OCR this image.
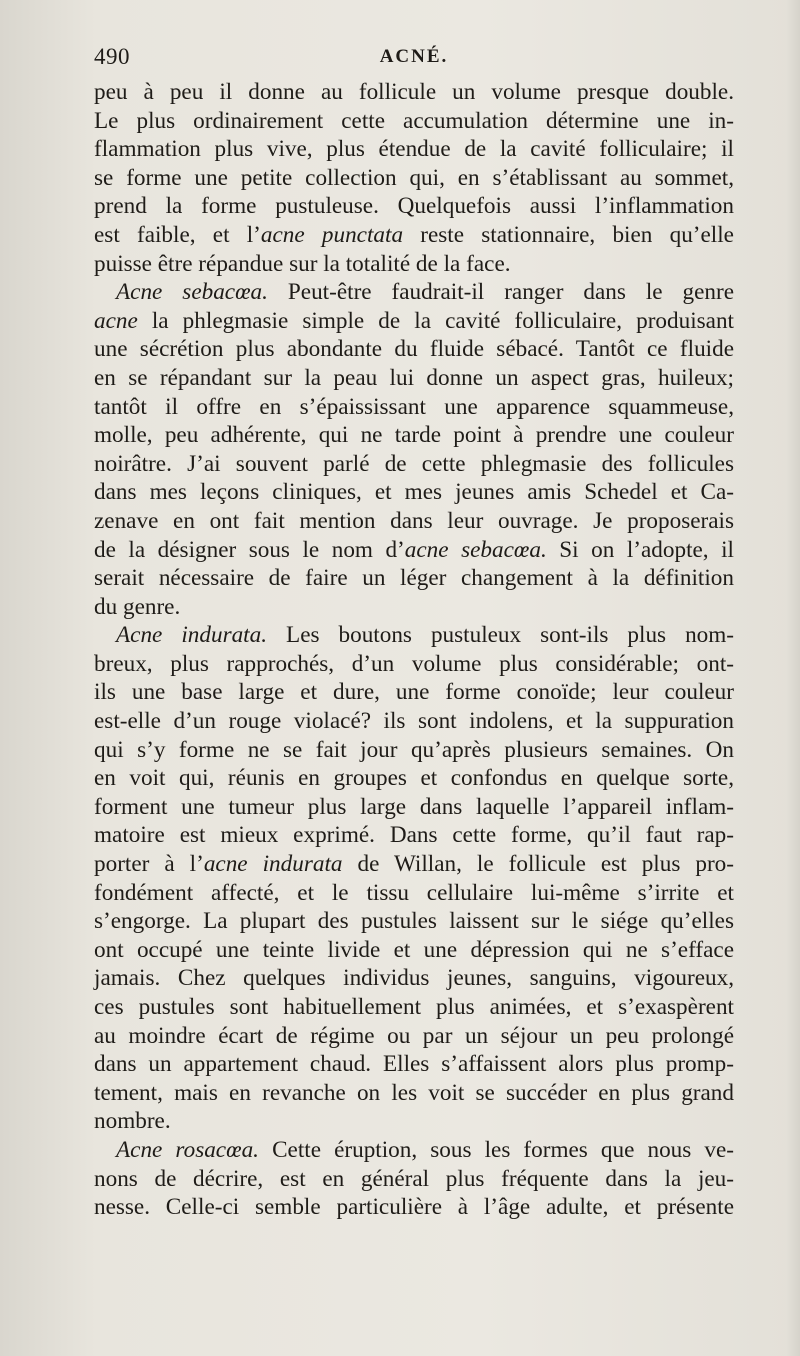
490	ACNÉ.
peu à peu il donne au follicule un volume presque double.
Le plus ordinairement cette accumulation détermine une in-
flammation plus vive, plus étendue de la cavité folliculaire; il
se forme une petite collection qui, en s’établissant au sommet,
prend la forme pustuleuse. Quelquefois aussi l’inflammation
est faible, et l’acne punctata reste stationnaire, bien qu’elle
puisse être répandue sur la totalité de la face.
Acne sebacœa. Peut-être faudrait-il ranger dans le genre
acne la phlegmasie simple de la cavité folliculaire, produisant
une sécrétion plus abondante du fluide sébacé. Tantôt ce fluide
en se répandant sur la peau lui donne un aspect gras, huileux;
tantôt il offre en s’épaississant une apparence squammeuse,
molle, peu adhérente, qui ne tarde point à prendre une couleur
noirâtre. J’ai souvent parlé de cette phlegmasie des follicules
dans mes leçons cliniques, et mes jeunes amis Schedel et Ca-
zenave en ont fait mention dans leur ouvrage. Je proposerais
de la désigner sous le nom d’acne sebacœa. Si on l’adopte, il
serait nécessaire de faire un léger changement à la définition
du genre.
Acne indurata. Les boutons pustuleux sont-ils plus nom-
breux, plus rapprochés, d’un volume plus considérable; ont-
ils une base large et dure, une forme conoïde; leur couleur
est-elle d’un rouge violacé? ils sont indolens, et la suppuration
qui s’y forme ne se fait jour qu’après plusieurs semaines. On
en voit qui, réunis en groupes et confondus en quelque sorte,
forment une tumeur plus large dans laquelle l’appareil inflam-
matoire est mieux exprimé. Dans cette forme, qu’il faut rap-
porter à l’acne indurata de Willan, le follicule est plus pro-
fondément affecté, et le tissu cellulaire lui-même s’irrite et
s’engorge. La plupart des pustules laissent sur le siége qu’elles
ont occupé une teinte livide et une dépression qui ne s’efface
jamais. Chez quelques individus jeunes, sanguins, vigoureux,
ces pustules sont habituellement plus animées, et s’exaspèrent
au moindre écart de régime ou par un séjour un peu prolongé
dans un appartement chaud. Elles s’affaissent alors plus promp-
tement, mais en revanche on les voit se succéder en plus grand
nombre.
Acne rosacœa. Cette éruption, sous les formes que nous ve-
nons de décrire, est en général plus fréquente dans la jeu-
nesse. Celle-ci semble particulière à l’âge adulte, et présente
